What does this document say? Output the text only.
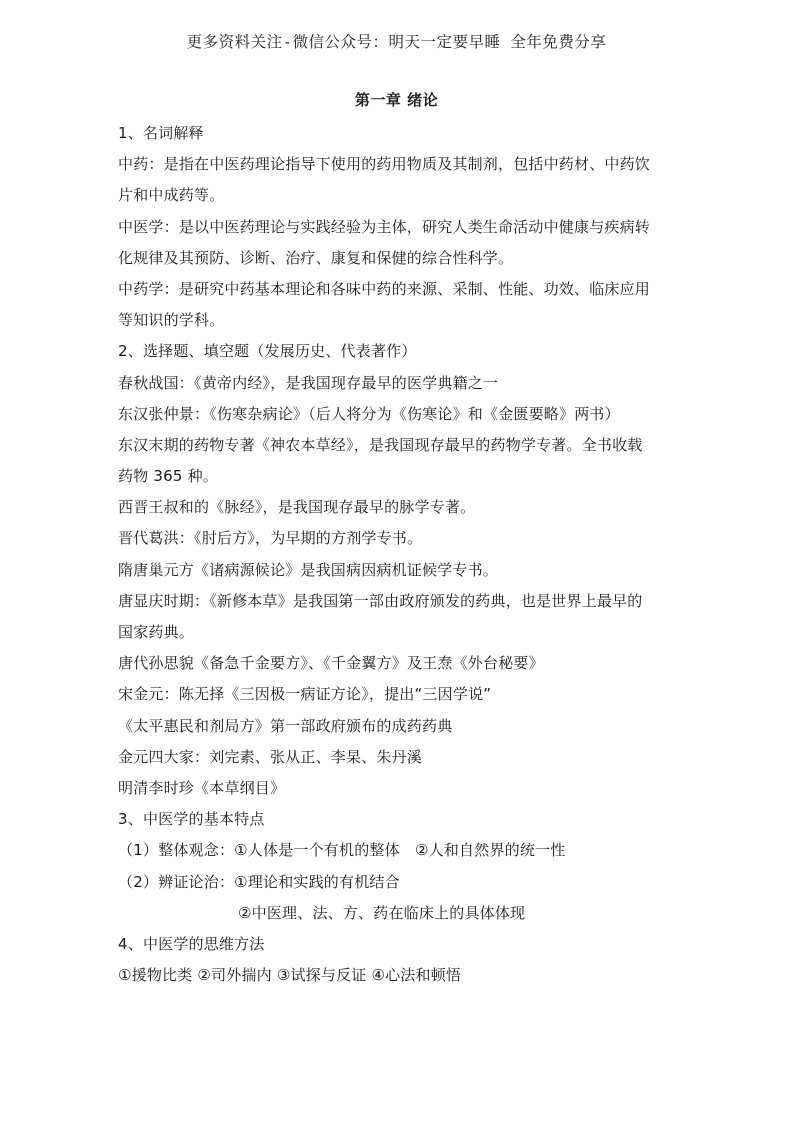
更多资料关注-微信公众号：明天一定要早睡 全年免费分享
第一章 绪论
1、名词解释
中药：是指在中医药理论指导下使用的药用物质及其制剂，包括中药材、中药饮
片和中成药等。
中医学：是以中医药理论与实践经验为主体，研究人类生命活动中健康与疾病转
化规律及其预防、诊断、治疗、康复和保健的综合性科学。
中药学：是研究中药基本理论和各味中药的来源、采制、性能、功效、临床应用
等知识的学科。
2、选择题、填空题（发展历史、代表著作）
春秋战国：《黄帝内经》，是我国现存最早的医学典籍之一
东汉张仲景：《伤寒杂病论》（后人将分为《伤寒论》和《金匮要略》两书）
东汉末期的药物专著《神农本草经》，是我国现存最早的药物学专著。全书收载
药物 365 种。
西晋王叔和的《脉经》，是我国现存最早的脉学专著。
晋代葛洪：《肘后方》，为早期的方剂学专书。
隋唐巢元方《诸病源候论》是我国病因病机证候学专书。
唐显庆时期：《新修本草》是我国第一部由政府颁发的药典，也是世界上最早的
国家药典。
唐代孙思貌《备急千金要方》、《千金翼方》及王焘《外台秘要》
宋金元：陈无择《三因极一病证方论》，提出“三因学说”
《太平惠民和剂局方》第一部政府颁布的成药药典
金元四大家：刘完素、张从正、李杲、朱丹溪
明清李时珍《本草纲目》
3、中医学的基本特点
（1）整体观念：①人体是一个有机的整体　②人和自然界的统一性
（2）辨证论治：①理论和实践的有机结合
②中医理、法、方、药在临床上的具体体现
4、中医学的思维方法
①援物比类 ②司外揣内 ③试探与反证 ④心法和顿悟
